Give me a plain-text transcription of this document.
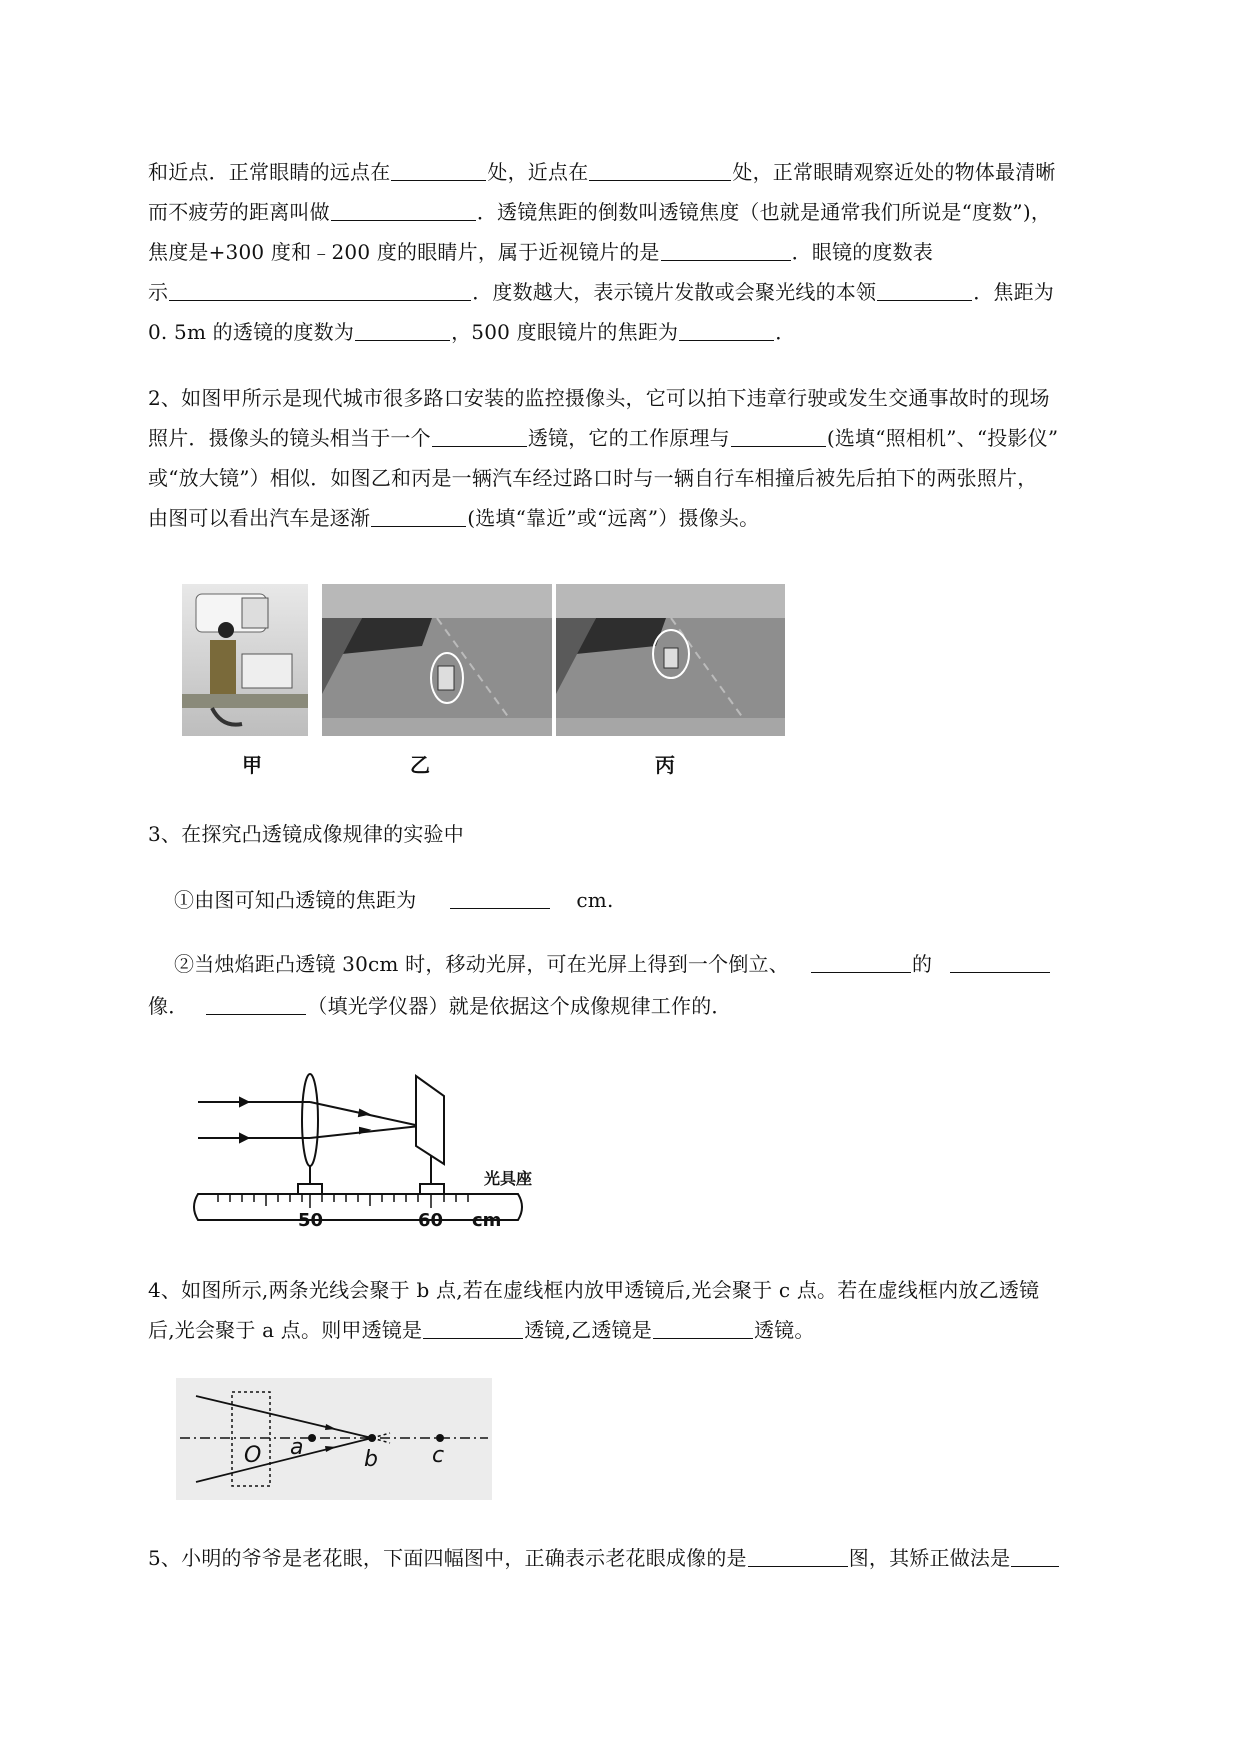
和近点．正常眼睛的远点在	处，近点在	处，正常眼睛观察近处的物体最清晰
而不疲劳的距离叫做	．透镜焦距的倒数叫透镜焦度（也就是通常我们所说是“度数”)，
焦度是+300 度和﹣200 度的眼睛片，属于近视镜片的是	．眼镜的度数表
示	．度数越大，表示镜片发散或会聚光线的本领	．焦距为
0. 5m 的透镜的度数为	，500 度眼镜片的焦距为	．
2、如图甲所示是现代城市很多路口安装的监控摄像头，它可以拍下违章行驶或发生交通事故时的现场
照片．摄像头的镜头相当于一个	透镜，它的工作原理与	(选填“照相机”、“投影仪”
或“放大镜”）相似．如图乙和丙是一辆汽车经过路口时与一辆自行车相撞后被先后拍下的两张照片，
由图可以看出汽车是逐渐	(选填“靠近”或“远离”）摄像头。
甲	乙	丙
3、在探究凸透镜成像规律的实验中
①由图可知凸透镜的焦距为	cm.
②当烛焰距凸透镜 30cm 时，移动光屏，可在光屏上得到一个倒立、	的
像．	（填光学仪器）就是依据这个成像规律工作的．
光具座
50	60 cm
4、如图所示,两条光线会聚于 b 点,若在虚线框内放甲透镜后,光会聚于 c 点。若在虚线框内放乙透镜
后,光会聚于 a 点。则甲透镜是	透镜,乙透镜是	透镜。
O a	b c
5、小明的爷爷是老花眼，下面四幅图中，正确表示老花眼成像的是	图，其矫正做法是
